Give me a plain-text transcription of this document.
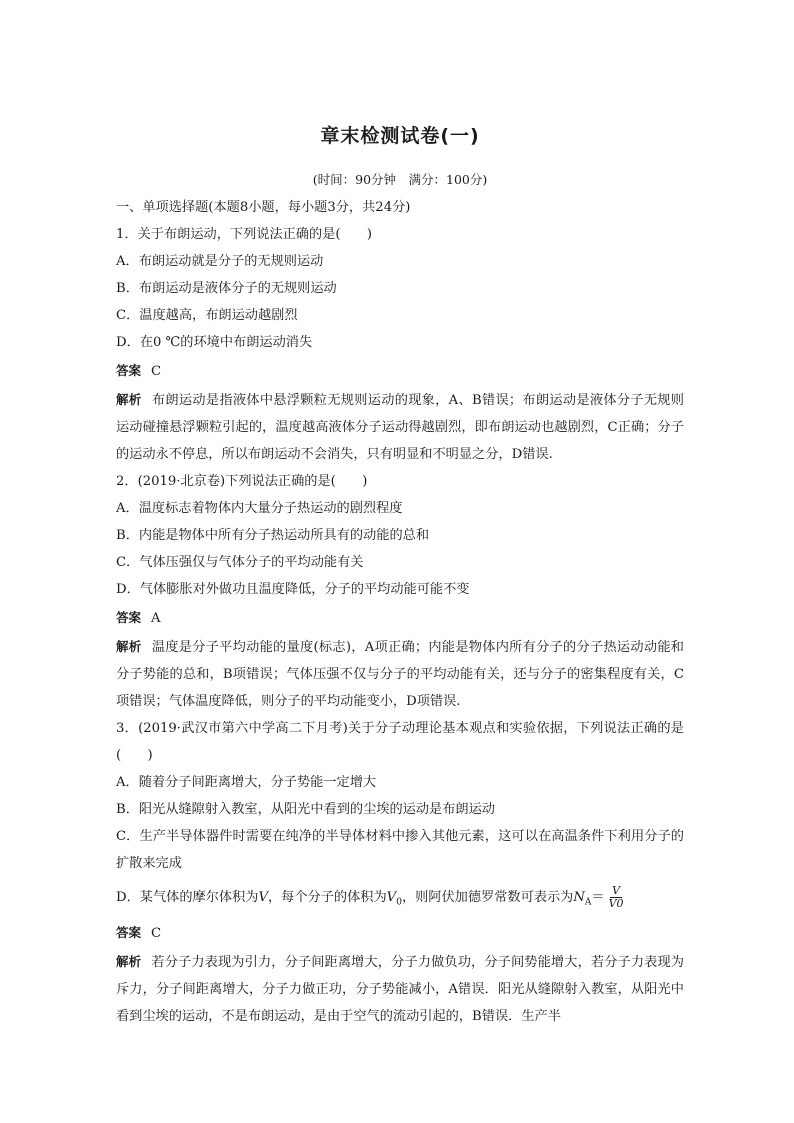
章末检测试卷(一)
(时间：90分钟　满分：100分)
一、单项选择题(本题8小题，每小题3分，共24分)
1．关于布朗运动，下列说法正确的是(　　)
A．布朗运动就是分子的无规则运动
B．布朗运动是液体分子的无规则运动
C．温度越高，布朗运动越剧烈
D．在0 ℃的环境中布朗运动消失
答案 C

解析 布朗运动是指液体中悬浮颗粒无规则运动的现象，A、B错误；布朗运动是液体分子无规则运动碰撞悬浮颗粒引起的，温度越高液体分子运动得越剧烈，即布朗运动也越剧烈，C正确；分子的运动永不停息，所以布朗运动不会消失，只有明显和不明显之分，D错误.

2．(2019·北京卷)下列说法正确的是(　　)
A．温度标志着物体内大量分子热运动的剧烈程度
B．内能是物体中所有分子热运动所具有的动能的总和
C．气体压强仅与气体分子的平均动能有关
D．气体膨胀对外做功且温度降低，分子的平均动能可能不变
答案 A

解析 温度是分子平均动能的量度(标志)，A项正确；内能是物体内所有分子的分子热运动动能和分子势能的总和，B项错误；气体压强不仅与分子的平均动能有关，还与分子的密集程度有关，C项错误；气体温度降低，则分子的平均动能变小，D项错误.

3．(2019·武汉市第六中学高二下月考)关于分子动理论基本观点和实验依据，下列说法正确的是(　　)

A．随着分子间距离增大，分子势能一定增大
B．阳光从缝隙射入教室，从阳光中看到的尘埃的运动是布朗运动

C．生产半导体器件时需要在纯净的半导体材料中掺入其他元素，这可以在高温条件下利用分子的扩散来完成

D．某气体的摩尔体积为V，每个分子的体积为$V_0$，则阿伏加德罗常数可表示为$N_A= \frac{V}{V0}$
答案 C

解析 若分子力表现为引力，分子间距离增大，分子力做负功，分子间势能增大，若分子力表现为斥力，分子间距离增大，分子力做正功，分子势能减小，A错误．阳光从缝隙射入教室，从阳光中看到尘埃的运动，不是布朗运动，是由于空气的流动引起的，B错误．生产半
